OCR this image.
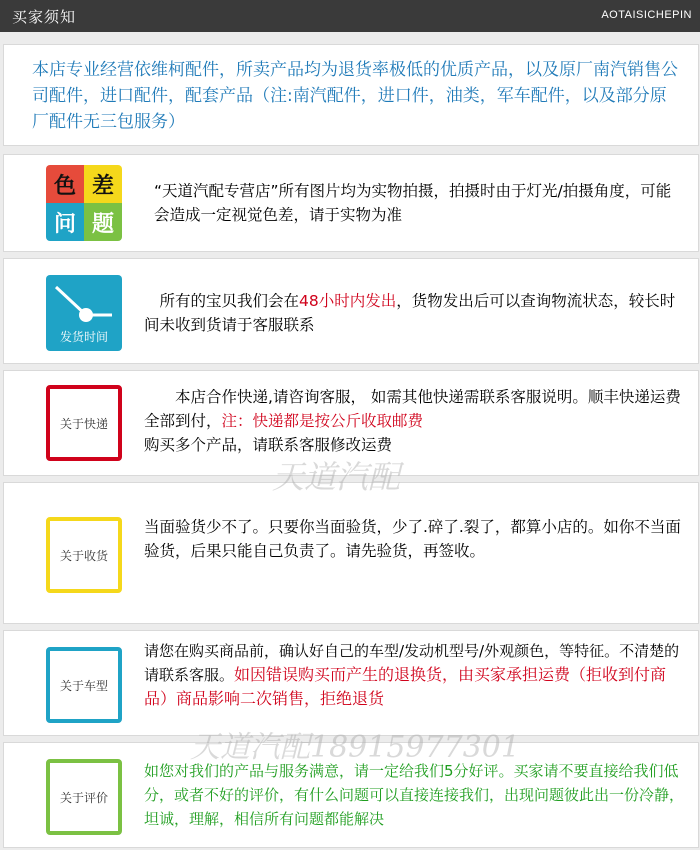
买家须知	AOTAISICHEPIN
本店专业经营依维柯配件，所卖产品均为退货率极低的优质产品，以及原厂南汽销售公司配件，进口配件，配套产品（注:南汽配件，进口件，油类，军车配件，以及部分原厂配件无三包服务）
色 差
问 题
“天道汽配专营店”所有图片均为实物拍摄，拍摄时由于灯光/拍摄角度，可能会造成一定视觉色差，请于实物为准
发货时间
　所有的宝贝我们会在48小时内发出，货物发出后可以查询物流状态，较长时间未收到货请于客服联系
关于快递
　　本店合作快递,请咨询客服， 如需其他快递需联系客服说明。顺丰快递运费全部到付，注：快递都是按公斤收取邮费
购买多个产品，请联系客服修改运费
关于收货
当面验货少不了。只要你当面验货，少了.碎了.裂了，都算小店的。如你不当面验货，后果只能自己负责了。请先验货，再签收。
关于车型
请您在购买商品前，确认好自己的车型/发动机型号/外观颜色，等特征。不清楚的请联系客服。如因错误购买而产生的退换货，由买家承担运费（拒收到付商品）商品影响二次销售，拒绝退货
关于评价
如您对我们的产品与服务满意，请一定给我们5分好评。买家请不要直接给我们低分，或者不好的评价，有什么问题可以直接连接我们，出现问题彼此出一份冷静，坦诚，理解，相信所有问题都能解决
天道汽配
天道汽配18915977301
